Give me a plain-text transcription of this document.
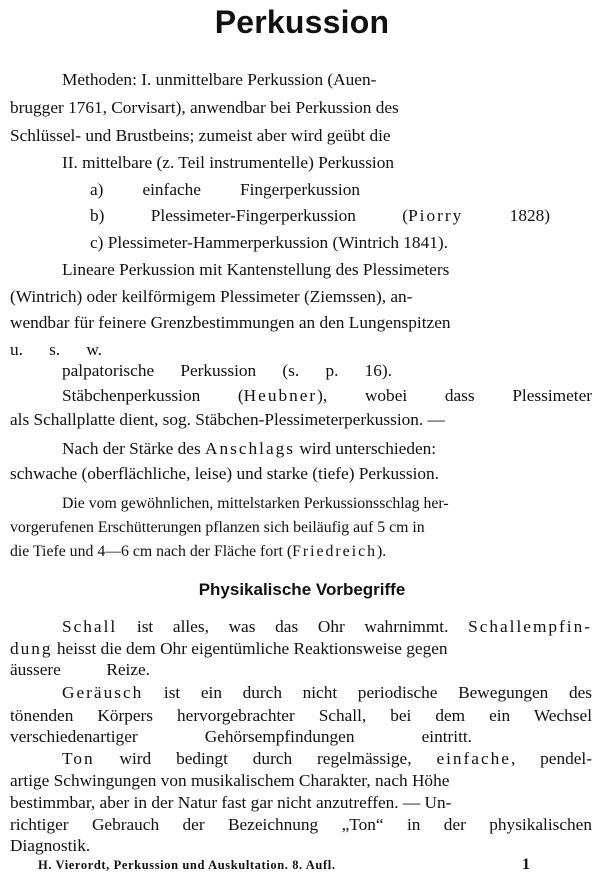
Perkussion
Methoden: I. unmittelbare Perkussion (Auen-
brugger 1761, Corvisart), anwendbar bei Perkussion des
Schlüssel- und Brustbeins; zumeist aber wird geübt die
II. mittelbare (z. Teil instrumentelle) Perkussion
a) einfache Fingerperkussion
b) Plessimeter-Fingerperkussion (Piorry 1828)
c) Plessimeter-Hammerperkussion (Wintrich 1841).
Lineare Perkussion mit Kantenstellung des Plessimeters
(Wintrich) oder keilförmigem Plessimeter (Ziemssen), an-
wendbar für feinere Grenzbestimmungen an den Lungenspitzen
u. s. w.
palpatorische Perkussion (s. p. 16).
Stäbchenperkussion (Heubner), wobei dass Plessimeter
als Schallplatte dient, sog. Stäbchen-Plessimeterperkussion. —
Nach der Stärke des Anschlags wird unterschieden:
schwache (oberflächliche, leise) und starke (tiefe) Perkussion.
Die vom gewöhnlichen, mittelstarken Perkussionsschlag her-
vorgerufenen Erschütterungen pflanzen sich beiläufig auf 5 cm in
die Tiefe und 4—6 cm nach der Fläche fort (Friedreich).
Physikalische Vorbegriffe
Schall ist alles, was das Ohr wahrnimmt. Schallempfin-
dung heisst die dem Ohr eigentümliche Reaktionsweise gegen
äussere Reize.
Geräusch ist ein durch nicht periodische Bewegungen des
tönenden Körpers hervorgebrachter Schall, bei dem ein Wechsel
verschiedenartiger Gehörsempfindungen eintritt.
Ton wird bedingt durch regelmässige, einfache, pendel-
artige Schwingungen von musikalischem Charakter, nach Höhe
bestimmbar, aber in der Natur fast gar nicht anzutreffen. — Un-
richtiger Gebrauch der Bezeichnung „Ton“ in der physikalischen
Diagnostik.
H. Vierordt, Perkussion und Auskultation. 8. Aufl.	1
